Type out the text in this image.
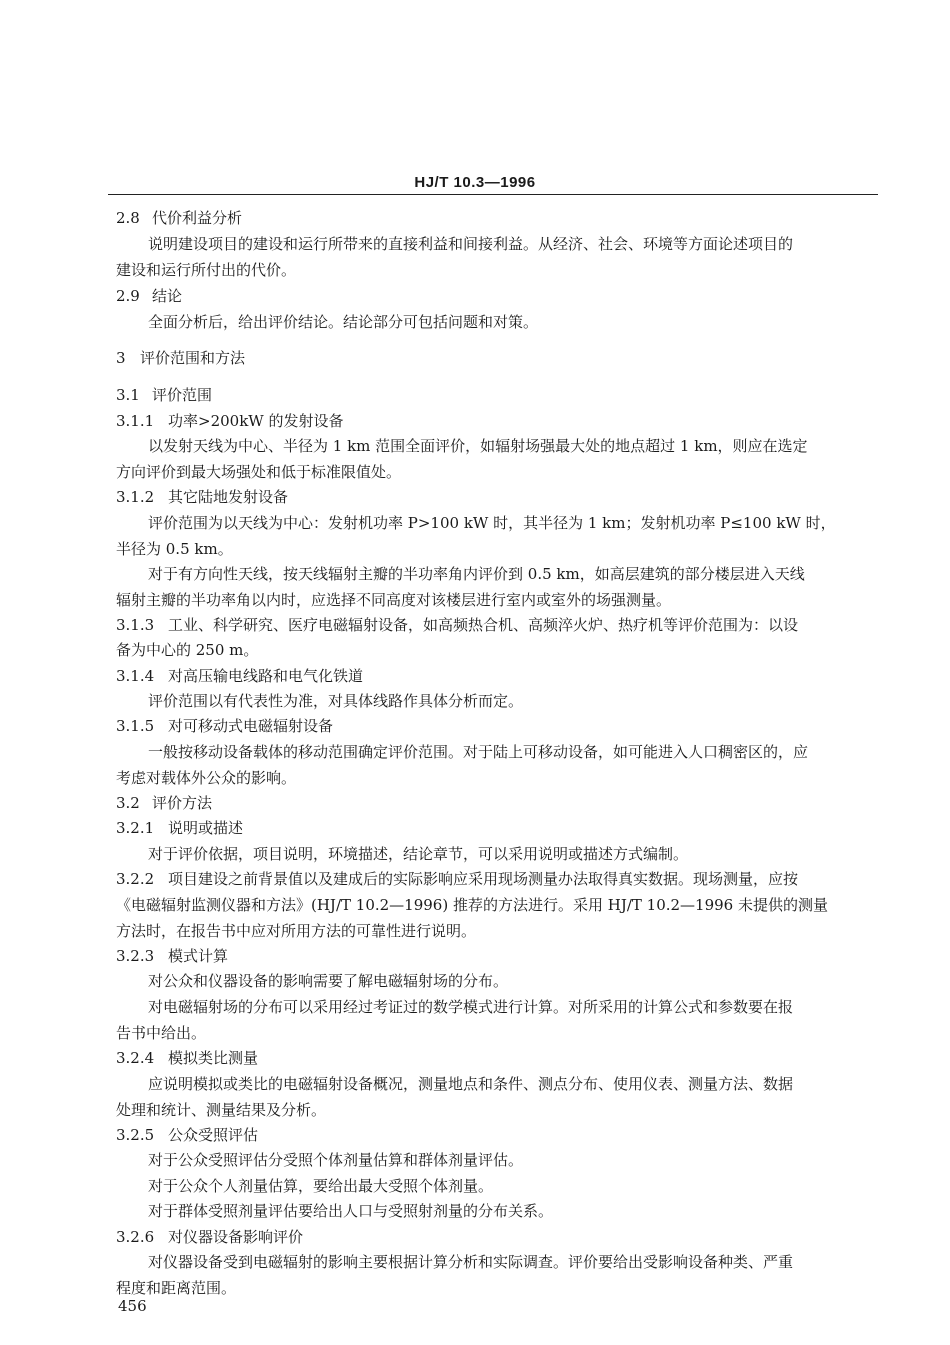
HJ/T 10.3—1996
2.8 代价利益分析
说明建设项目的建设和运行所带来的直接利益和间接利益。从经济、社会、环境等方面论述项目的
建设和运行所付出的代价。
2.9 结论
全面分析后，给出评价结论。结论部分可包括问题和对策。
3 评价范围和方法
3.1 评价范围
3.1.1 功率>200kW 的发射设备
以发射天线为中心、半径为 1 km 范围全面评价，如辐射场强最大处的地点超过 1 km，则应在选定
方向评价到最大场强处和低于标准限值处。
3.1.2 其它陆地发射设备
评价范围为以天线为中心：发射机功率 P>100 kW 时，其半径为 1 km；发射机功率 P≤100 kW 时，
半径为 0.5 km。
对于有方向性天线，按天线辐射主瓣的半功率角内评价到 0.5 km，如高层建筑的部分楼层进入天线
辐射主瓣的半功率角以内时，应选择不同高度对该楼层进行室内或室外的场强测量。
3.1.3 工业、科学研究、医疗电磁辐射设备，如高频热合机、高频淬火炉、热疗机等评价范围为：以设
备为中心的 250 m。
3.1.4 对高压输电线路和电气化铁道
评价范围以有代表性为准，对具体线路作具体分析而定。
3.1.5 对可移动式电磁辐射设备
一般按移动设备载体的移动范围确定评价范围。对于陆上可移动设备，如可能进入人口稠密区的，应
考虑对载体外公众的影响。
3.2 评价方法
3.2.1 说明或描述
对于评价依据，项目说明，环境描述，结论章节，可以采用说明或描述方式编制。
3.2.2 项目建设之前背景值以及建成后的实际影响应采用现场测量办法取得真实数据。现场测量，应按
《电磁辐射监测仪器和方法》(HJ/T 10.2—1996) 推荐的方法进行。采用 HJ/T 10.2—1996 未提供的测量
方法时，在报告书中应对所用方法的可靠性进行说明。
3.2.3 模式计算
对公众和仪器设备的影响需要了解电磁辐射场的分布。
对电磁辐射场的分布可以采用经过考证过的数学模式进行计算。对所采用的计算公式和参数要在报
告书中给出。
3.2.4 模拟类比测量
应说明模拟或类比的电磁辐射设备概况，测量地点和条件、测点分布、使用仪表、测量方法、数据
处理和统计、测量结果及分析。
3.2.5 公众受照评估
对于公众受照评估分受照个体剂量估算和群体剂量评估。
对于公众个人剂量估算，要给出最大受照个体剂量。
对于群体受照剂量评估要给出人口与受照射剂量的分布关系。
3.2.6 对仪器设备影响评价
对仪器设备受到电磁辐射的影响主要根据计算分析和实际调查。评价要给出受影响设备种类、严重
程度和距离范围。
456
